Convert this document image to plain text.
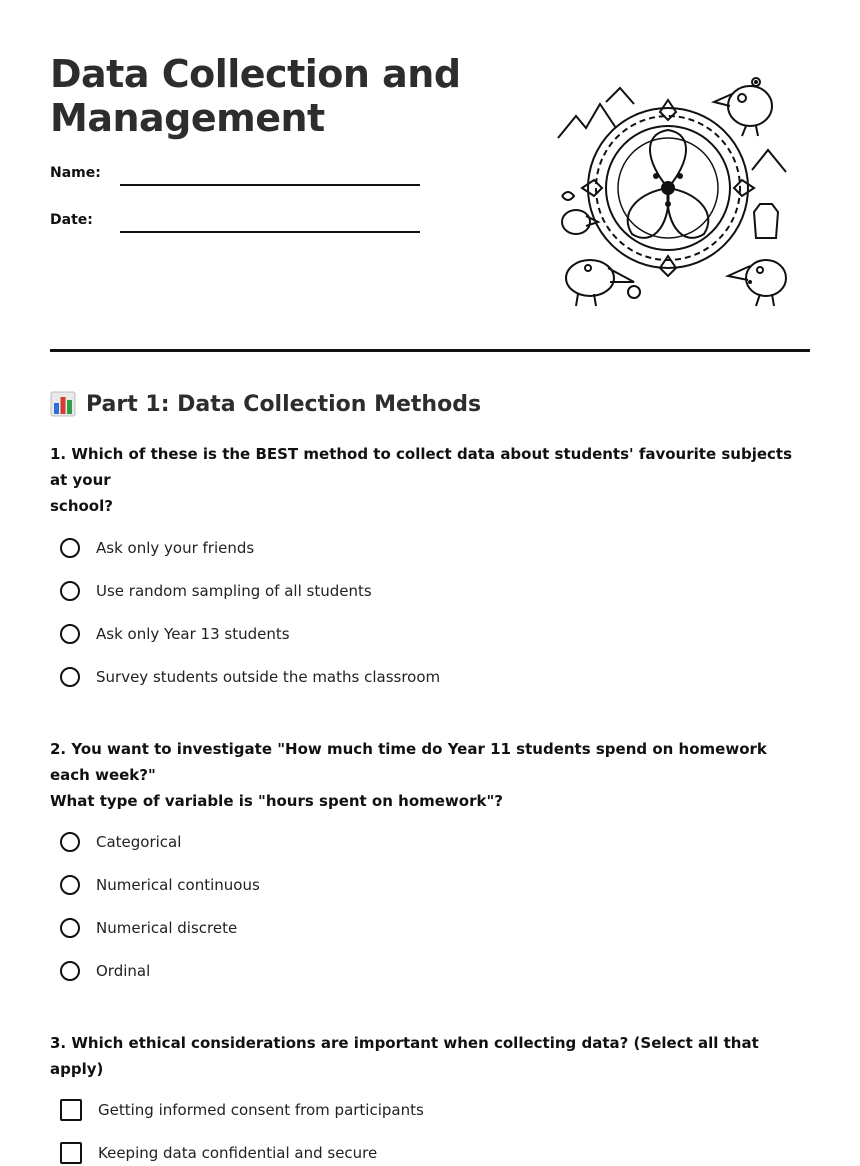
Data Collection and
Management
Name:
Date:
Part 1: Data Collection Methods
1. Which of these is the BEST method to collect data about students' favourite subjects at your
school?
Ask only your friends
Use random sampling of all students
Ask only Year 13 students
Survey students outside the maths classroom
2. You want to investigate "How much time do Year 11 students spend on homework each week?"
What type of variable is "hours spent on homework"?
Categorical
Numerical continuous
Numerical discrete
Ordinal
3. Which ethical considerations are important when collecting data? (Select all that apply)
Getting informed consent from participants
Keeping data confidential and secure
